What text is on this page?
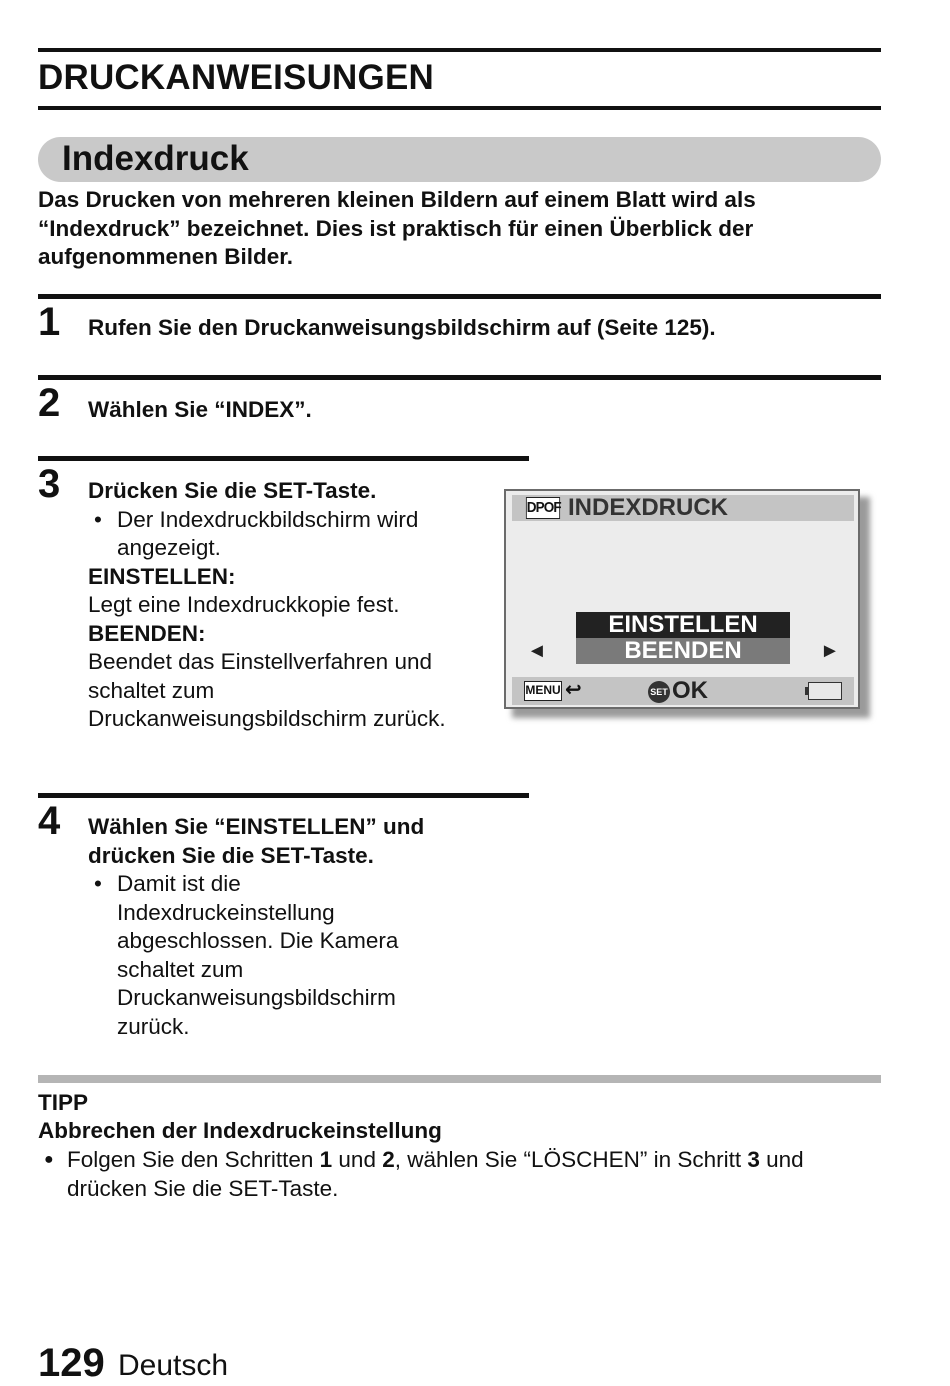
DRUCKANWEISUNGEN
Indexdruck
Das Drucken von mehreren kleinen Bildern auf einem Blatt wird als “Indexdruck” bezeichnet. Dies ist praktisch für einen Überblick der aufgenommenen Bilder.
1 Rufen Sie den Druckanweisungsbildschirm auf (Seite 125).
2 Wählen Sie “INDEX”.
3 Drücken Sie die SET-Taste.
• Der Indexdruckbildschirm wird angezeigt.
EINSTELLEN:
Legt eine Indexdruckkopie fest.
BEENDEN:
Beendet das Einstellverfahren und schaltet zum Druckanweisungsbildschirm zurück.
DPOF INDEXDRUCK
◄
EINSTELLEN
BEENDEN	►
MENU ↩	SET OK
4 Wählen Sie “EINSTELLEN” und drücken Sie die SET-Taste.
• Damit ist die Indexdruckeinstellung abgeschlossen. Die Kamera schaltet zum Druckanweisungsbildschirm zurück.
TIPP
Abbrechen der Indexdruckeinstellung
● Folgen Sie den Schritten 1 und 2, wählen Sie “LÖSCHEN” in Schritt 3 und drücken Sie die SET-Taste.
129 Deutsch
